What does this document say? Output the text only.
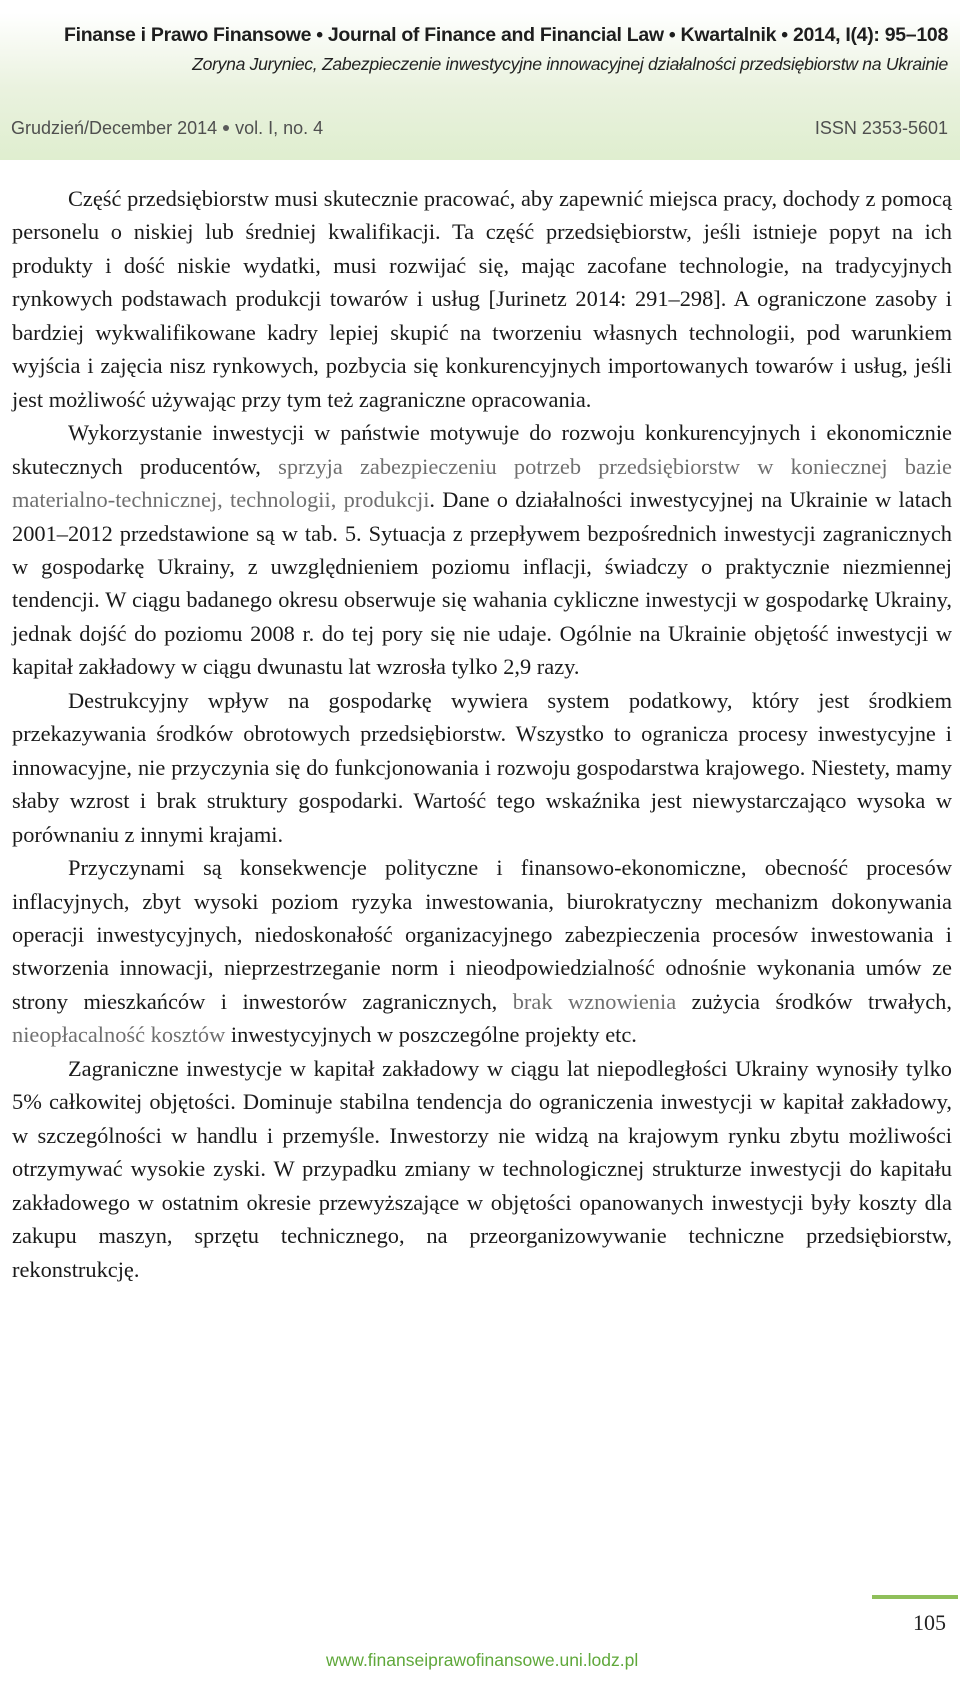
Finanse i Prawo Finansowe • Journal of Finance and Financial Law • Kwartalnik • 2014, I(4): 95–108
Zoryna Juryniec, Zabezpieczenie inwestycyjne innowacyjnej działalności przedsiębiorstw na Ukrainie
Grudzień/December 2014 vol. I, no. 4	ISSN 2353-5601

Część przedsiębiorstw musi skutecznie pracować, aby zapewnić miejsca pracy, dochody z pomocą personelu o niskiej lub średniej kwalifikacji. Ta część przedsiębiorstw, jeśli istnieje popyt na ich produkty i dość niskie wydatki, musi rozwijać się, mając zacofane technologie, na tradycyjnych rynkowych podstawach produkcji towarów i usług [Jurinetz 2014: 291–298]. A ograniczone zasoby i bardziej wykwalifikowane kadry lepiej skupić na tworzeniu własnych technologii, pod warunkiem wyjścia i zajęcia nisz rynkowych, pozbycia się konkurencyjnych importowanych towarów i usług, jeśli jest możliwość używając przy tym też zagraniczne opracowania.

Wykorzystanie inwestycji w państwie motywuje do rozwoju konkurencyjnych i ekonomicznie skutecznych producentów, sprzyja zabezpieczeniu potrzeb przedsiębiorstw w koniecznej bazie materialno-technicznej, technologii, produkcji. Dane o działalności inwestycyjnej na Ukrainie w latach 2001–2012 przedstawione są w tab. 5. Sytuacja z przepływem bezpośrednich inwestycji zagranicznych w gospodarkę Ukrainy, z uwzględnieniem poziomu inflacji, świadczy o praktycznie niezmiennej tendencji. W ciągu badanego okresu obserwuje się wahania cykliczne inwestycji w gospodarkę Ukrainy, jednak dojść do poziomu 2008 r. do tej pory się nie udaje. Ogólnie na Ukrainie objętość inwestycji w kapitał zakładowy w ciągu dwunastu lat wzrosła tylko 2,9 razy.

Destrukcyjny wpływ na gospodarkę wywiera system podatkowy, który jest środkiem przekazywania środków obrotowych przedsiębiorstw. Wszystko to ogranicza procesy inwestycyjne i innowacyjne, nie przyczynia się do funkcjonowania i rozwoju gospodarstwa krajowego. Niestety, mamy słaby wzrost i brak struktury gospodarki. Wartość tego wskaźnika jest niewystarczająco wysoka w porównaniu z innymi krajami.

Przyczynami są konsekwencje polityczne i finansowo-ekonomiczne, obecność procesów inflacyjnych, zbyt wysoki poziom ryzyka inwestowania, biurokratyczny mechanizm dokonywania operacji inwestycyjnych, niedoskonałość organizacyjnego zabezpieczenia procesów inwestowania i stworzenia innowacji, nieprzestrzeganie norm i nieodpowiedzialność odnośnie wykonania umów ze strony mieszkańców i inwestorów zagranicznych, brak wznowienia zużycia środków trwałych, nieopłacalność kosztów inwestycyjnych w poszczególne projekty etc.

Zagraniczne inwestycje w kapitał zakładowy w ciągu lat niepodległości Ukrainy wynosiły tylko 5% całkowitej objętości. Dominuje stabilna tendencja do ograniczenia inwestycji w kapitał zakładowy, w szczególności w handlu i przemyśle. Inwestorzy nie widzą na krajowym rynku zbytu możliwości otrzymywać wysokie zyski. W przypadku zmiany w technologicznej strukturze inwestycji do kapitału zakładowego w ostatnim okresie przewyższające w objętości opanowanych inwestycji były koszty dla zakupu maszyn, sprzętu technicznego, na przeorganizowywanie techniczne przedsiębiorstw, rekonstrukcję.

105
www.finanseiprawofinansowe.uni.lodz.pl
